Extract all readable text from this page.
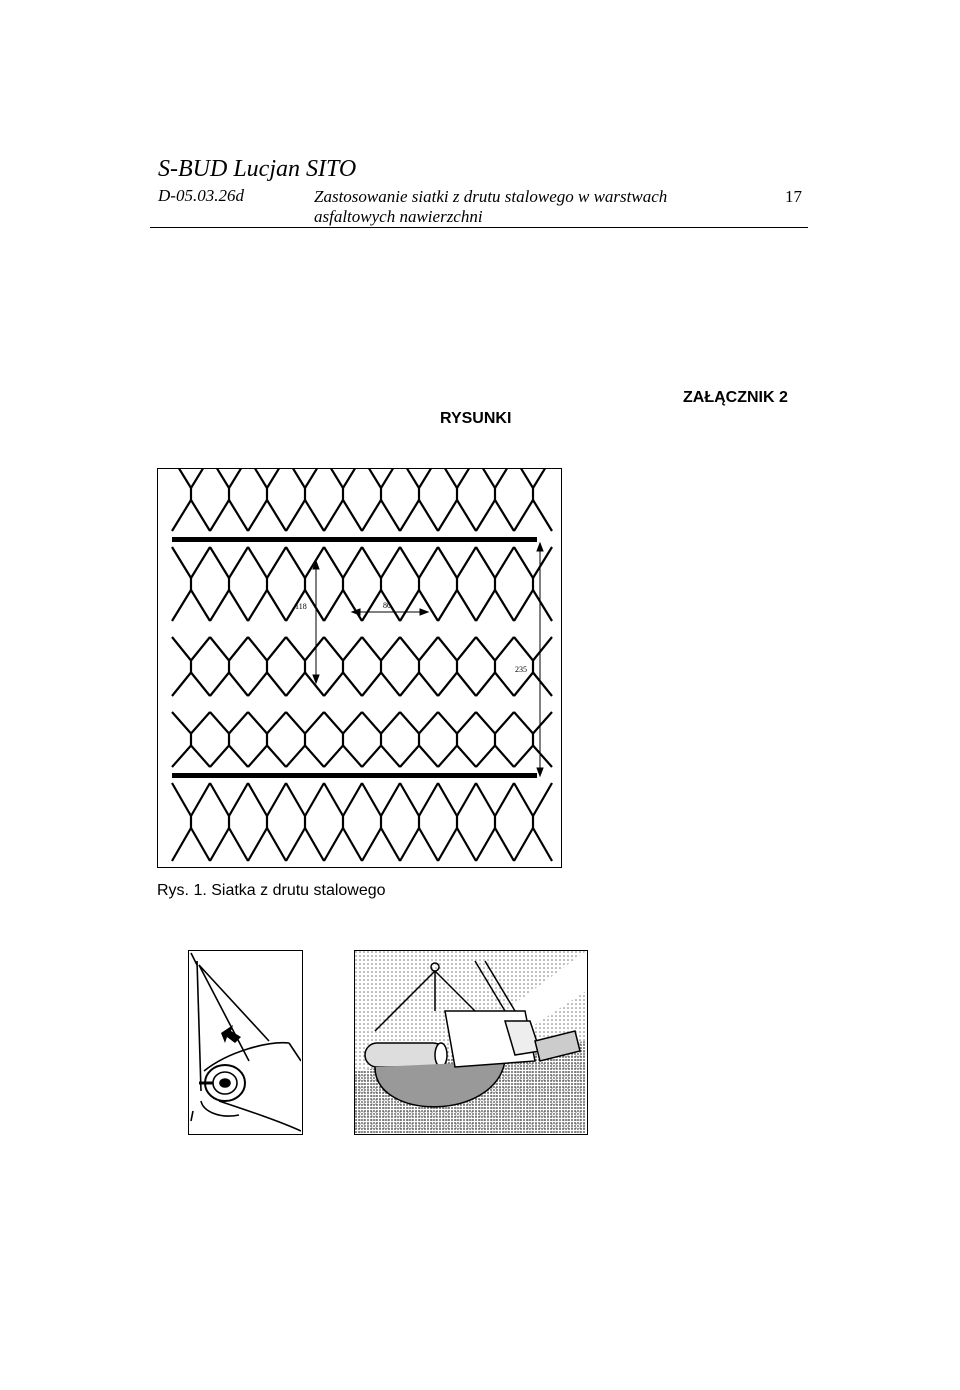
S-BUD Lucjan SITO
D-05.03.26d	Zastosowanie siatki z drutu stalowego w warstwach asfaltowych nawierzchni
17
ZAŁĄCZNIK 2
RYSUNKI
118	80
235
Rys. 1. Siatka z drutu stalowego
